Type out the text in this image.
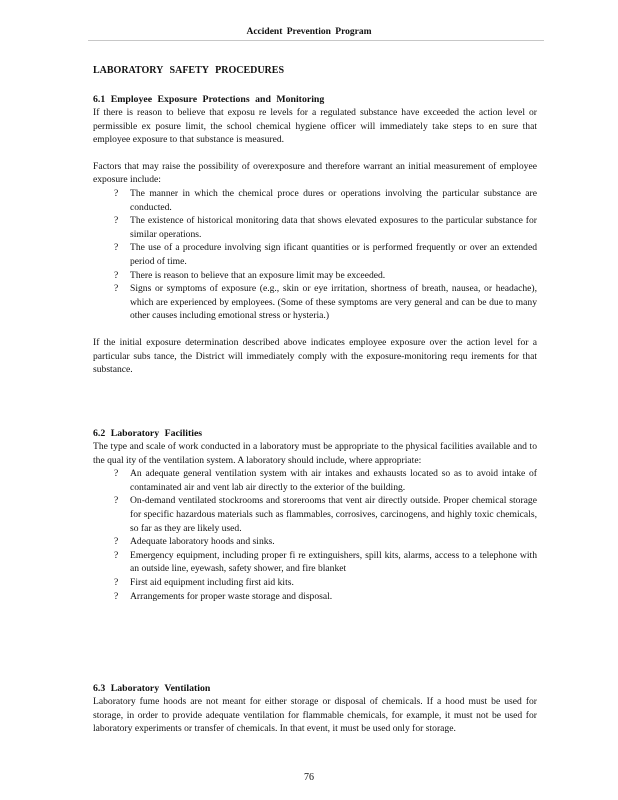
Accident Prevention Program
LABORATORY SAFETY PROCEDURES
6.1 Employee Exposure Protections and Monitoring

If there is reason to believe that exposu re levels for a regulated substance have exceeded the action level or permissible ex posure limit, the school chemical hygiene officer will immediately take steps to en sure that employee exposure to that substance is measured.

Factors that may raise the possibility of overexposure and therefore warrant an initial measurement of employee exposure include:

? The manner in which the chemical proce dures or operations involving the particular substance are conducted.
? The existence of historical monitoring data that shows elevated exposures to the particular substance for similar operations.
? The use of a procedure involving sign ificant quantities or is performed frequently or over an extended period of time.
? There is reason to believe that an exposure limit may be exceeded.
? Signs or symptoms of exposure (e.g., skin or eye irritation, shortness of breath, nausea, or headache), which are experienced by employees. (Some of these symptoms are very general and can be due to many other causes including emotional stress or hysteria.)

If the initial exposure determination described above indicates employee exposure over the action level for a particular subs tance, the District will immediately comply with the exposure-monitoring requ irements for that substance.

6.2 Laboratory Facilities

The type and scale of work conducted in a laboratory must be appropriate to the physical facilities available and to the qual ity of the ventilation system. A laboratory should include, where appropriate:

? An adequate general ventilation system with air intakes and exhausts located so as to avoid intake of contaminated air and vent lab air directly to the exterior of the building.
? On-demand ventilated stockrooms and storerooms that vent air directly outside. Proper chemical storage for specific hazardous materials such as flammables, corrosives, carcinogens, and highly toxic chemicals, so far as they are likely used.
? Adequate laboratory hoods and sinks.
? Emergency equipment, including proper fi re extinguishers, spill kits, alarms, access to a telephone with an outside line, eyewash, safety shower, and fire blanket
? First aid equipment including first aid kits.
? Arrangements for proper waste storage and disposal.
6.3 Laboratory Ventilation

Laboratory fume hoods are not meant for either storage or disposal of chemicals. If a hood must be used for storage, in order to provide adequate ventilation for flammable chemicals, for example, it must not be used for laboratory experiments or transfer of chemicals. In that event, it must be used only for storage.

76
